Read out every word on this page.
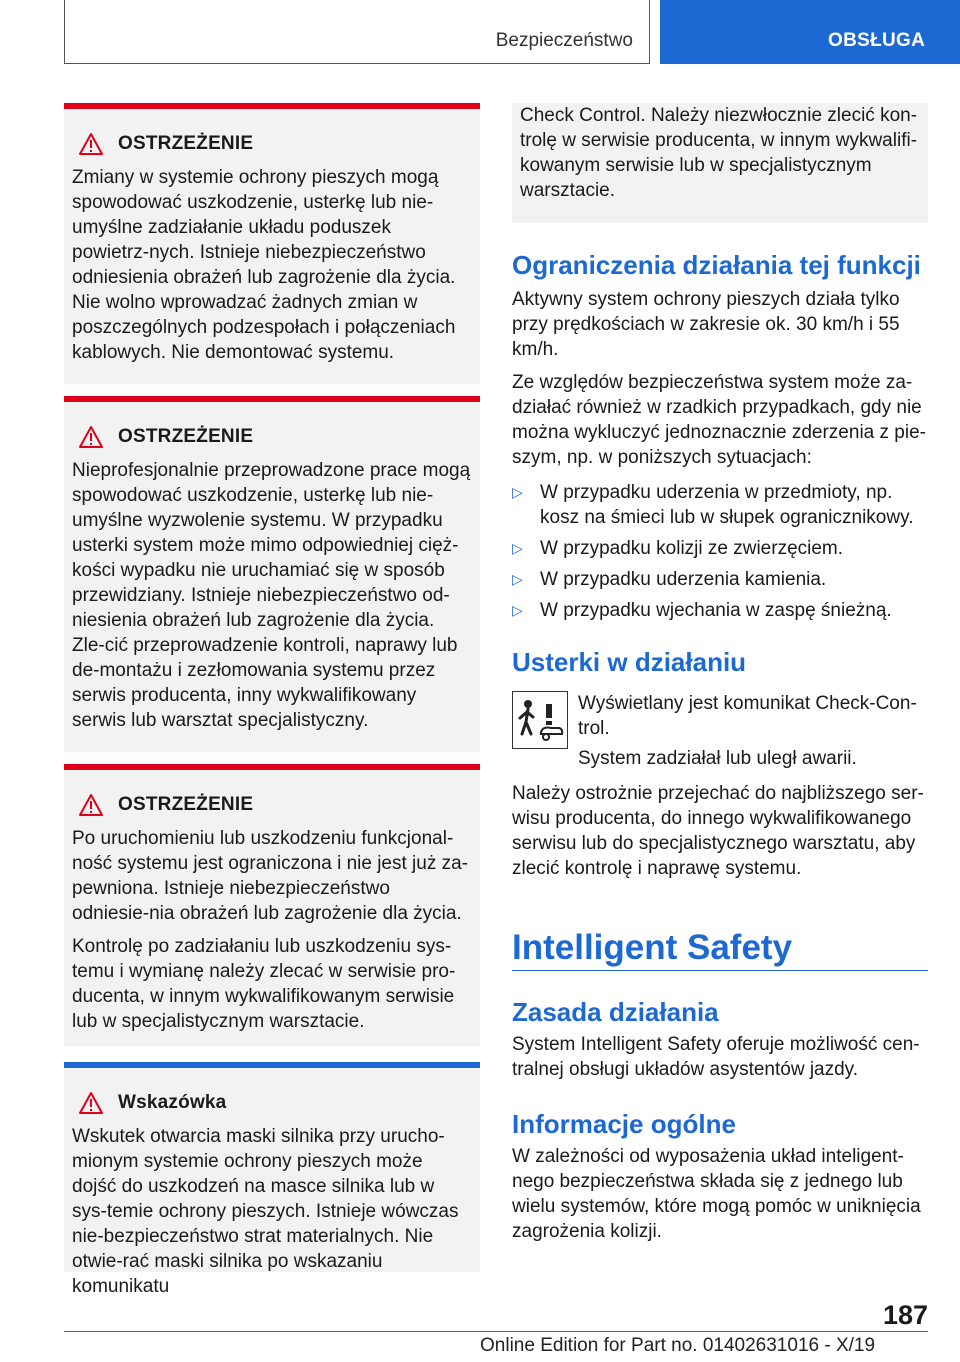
Bezpieczeństwo	OBSŁUGA
OSTRZEŻENIE

Zmiany w systemie ochrony pieszych mogą spowodować uszkodzenie, usterkę lub nie-umyślne zadziałanie układu poduszek powietrz-nych. Istnieje niebezpieczeństwo odniesienia obrażeń lub zagrożenie dla życia. Nie wolno wprowadzać żadnych zmian w poszczególnych podzespołach i połączeniach kablowych. Nie demontować systemu.

OSTRZEŻENIE

Nieprofesjonalnie przeprowadzone prace mogą spowodować uszkodzenie, usterkę lub nie-umyślne wyzwolenie systemu. W przypadku usterki system może mimo odpowiedniej cięż-kości wypadku nie uruchamiać się w sposób przewidziany. Istnieje niebezpieczeństwo od-niesienia obrażeń lub zagrożenie dla życia. Zle-cić przeprowadzenie kontroli, naprawy lub de-montażu i zezłomowania systemu przez serwis producenta, inny wykwalifikowany serwis lub warsztat specjalistyczny.

OSTRZEŻENIE

Po uruchomieniu lub uszkodzeniu funkcjonal-ność systemu jest ograniczona i nie jest już za-pewniona. Istnieje niebezpieczeństwo odniesie-nia obrażeń lub zagrożenie dla życia.

Kontrolę po zadziałaniu lub uszkodzeniu sys-temu i wymianę należy zlecać w serwisie pro-ducenta, w innym wykwalifikowanym serwisie lub w specjalistycznym warsztacie.

Wskazówka

Wskutek otwarcia maski silnika przy urucho-mionym systemie ochrony pieszych może dojść do uszkodzeń na masce silnika lub w sys-temie ochrony pieszych. Istnieje wówczas nie-bezpieczeństwo strat materialnych. Nie otwie-rać maski silnika po wskazaniu komunikatu

Check Control. Należy niezwłocznie zlecić kon-trolę w serwisie producenta, w innym wykwalifi-kowanym serwisie lub w specjalistycznym warsztacie.

Ograniczenia działania tej funkcji

Aktywny system ochrony pieszych działa tylko przy prędkościach w zakresie ok. 30 km/h i 55 km/h.

Ze względów bezpieczeństwa system może za-działać również w rzadkich przypadkach, gdy nie można wykluczyć jednoznacznie zderzenia z pie-szym, np. w poniższych sytuacjach:

▷ W przypadku uderzenia w przedmioty, np. kosz na śmieci lub w słupek ogranicznikowy.
▷ W przypadku kolizji ze zwierzęciem.
▷ W przypadku uderzenia kamienia.
▷ W przypadku wjechania w zaspę śnieżną.
Usterki w działaniu

Wyświetlany jest komunikat Check-Con-

trol.

System zadziałał lub uległ awarii.

Należy ostrożnie przejechać do najbliższego ser-wisu producenta, do innego wykwalifikowanego serwisu lub do specjalistycznego warsztatu, aby zlecić kontrolę i naprawę systemu.

Intelligent Safety
Zasada działania

System Intelligent Safety oferuje możliwość cen-tralnej obsługi układów asystentów jazdy.

Informacje ogólne

W zależności od wyposażenia układ inteligent-nego bezpieczeństwa składa się z jednego lub wielu systemów, które mogą pomóc w uniknięcia zagrożenia kolizji.

187
Online Edition for Part no. 01402631016 - X/19
